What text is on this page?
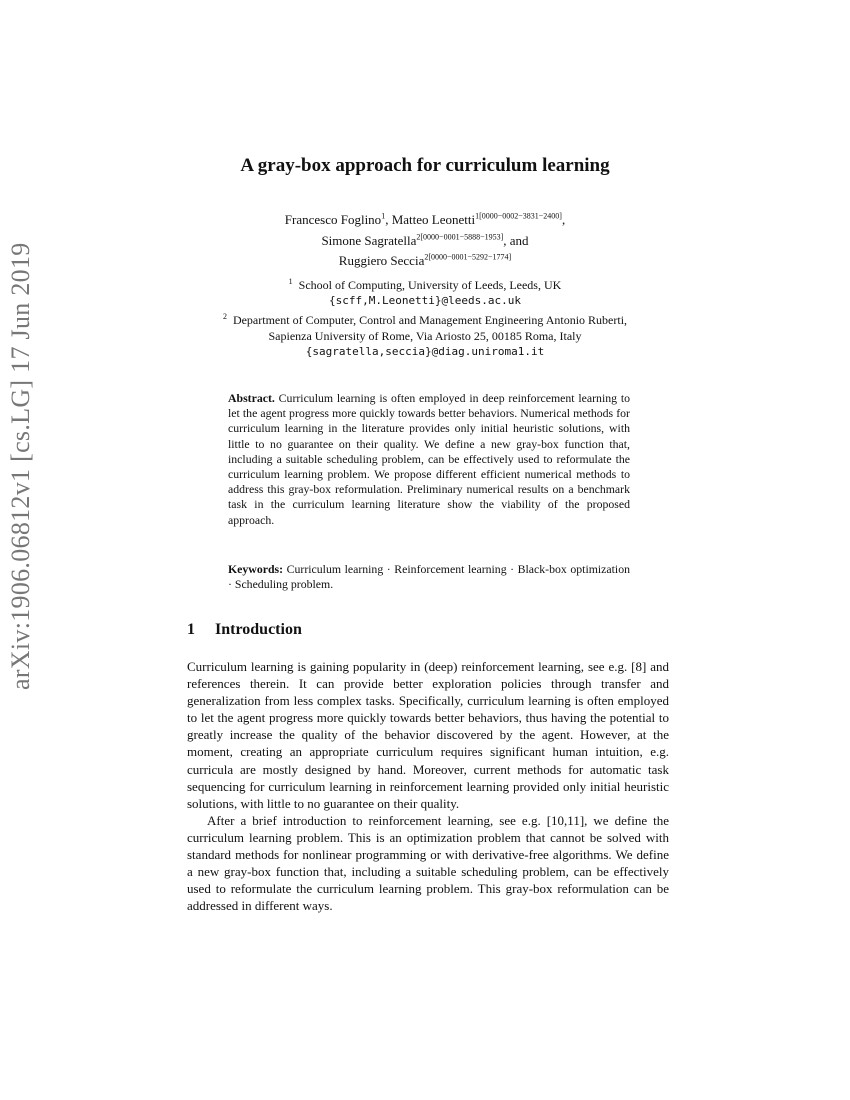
arXiv:1906.06812v1 [cs.LG] 17 Jun 2019
A gray-box approach for curriculum learning
Francesco Foglino$^1$, Matteo Leonetti$^{1[0000-0002-3831-2400]}$,
Simone Sagratella$^{2[0000-0001-5888-1953]}$, and
Ruggiero Seccia$^{2[0000-0001-5292-1774]}$
$^1$ School of Computing, University of Leeds, Leeds, UK
{scff,M.Leonetti}@leeds.ac.uk
$^2$ Department of Computer, Control and Management Engineering Antonio Ruberti,
Sapienza University of Rome, Via Ariosto 25, 00185 Roma, Italy
{sagratella,seccia}@diag.uniroma1.it
Abstract. Curriculum learning is often employed in deep reinforcement learning to let the agent progress more quickly towards better behaviors. Numerical methods for curriculum learning in the literature provides only initial heuristic solutions, with little to no guarantee on their quality. We define a new gray-box function that, including a suitable scheduling problem, can be effectively used to reformulate the curriculum learning problem. We propose different efficient numerical methods to address this gray-box reformulation. Preliminary numerical results on a benchmark task in the curriculum learning literature show the viability of the proposed approach.
Keywords: Curriculum learning · Reinforcement learning · Black-box optimization · Scheduling problem.
1 Introduction

Curriculum learning is gaining popularity in (deep) reinforcement learning, see e.g. [8] and references therein. It can provide better exploration policies through transfer and generalization from less complex tasks. Specifically, curriculum learning is often employed to let the agent progress more quickly towards better behaviors, thus having the potential to greatly increase the quality of the behavior discovered by the agent. However, at the moment, creating an appropriate curriculum requires significant human intuition, e.g. curricula are mostly designed by hand. Moreover, current methods for automatic task sequencing for curriculum learning in reinforcement learning provided only initial heuristic solutions, with little to no guarantee on their quality.

After a brief introduction to reinforcement learning, see e.g. [10,11], we define the curriculum learning problem. This is an optimization problem that cannot be solved with standard methods for nonlinear programming or with derivative-free algorithms. We define a new gray-box function that, including a suitable scheduling problem, can be effectively used to reformulate the curriculum learning problem. This gray-box reformulation can be addressed in different ways.
